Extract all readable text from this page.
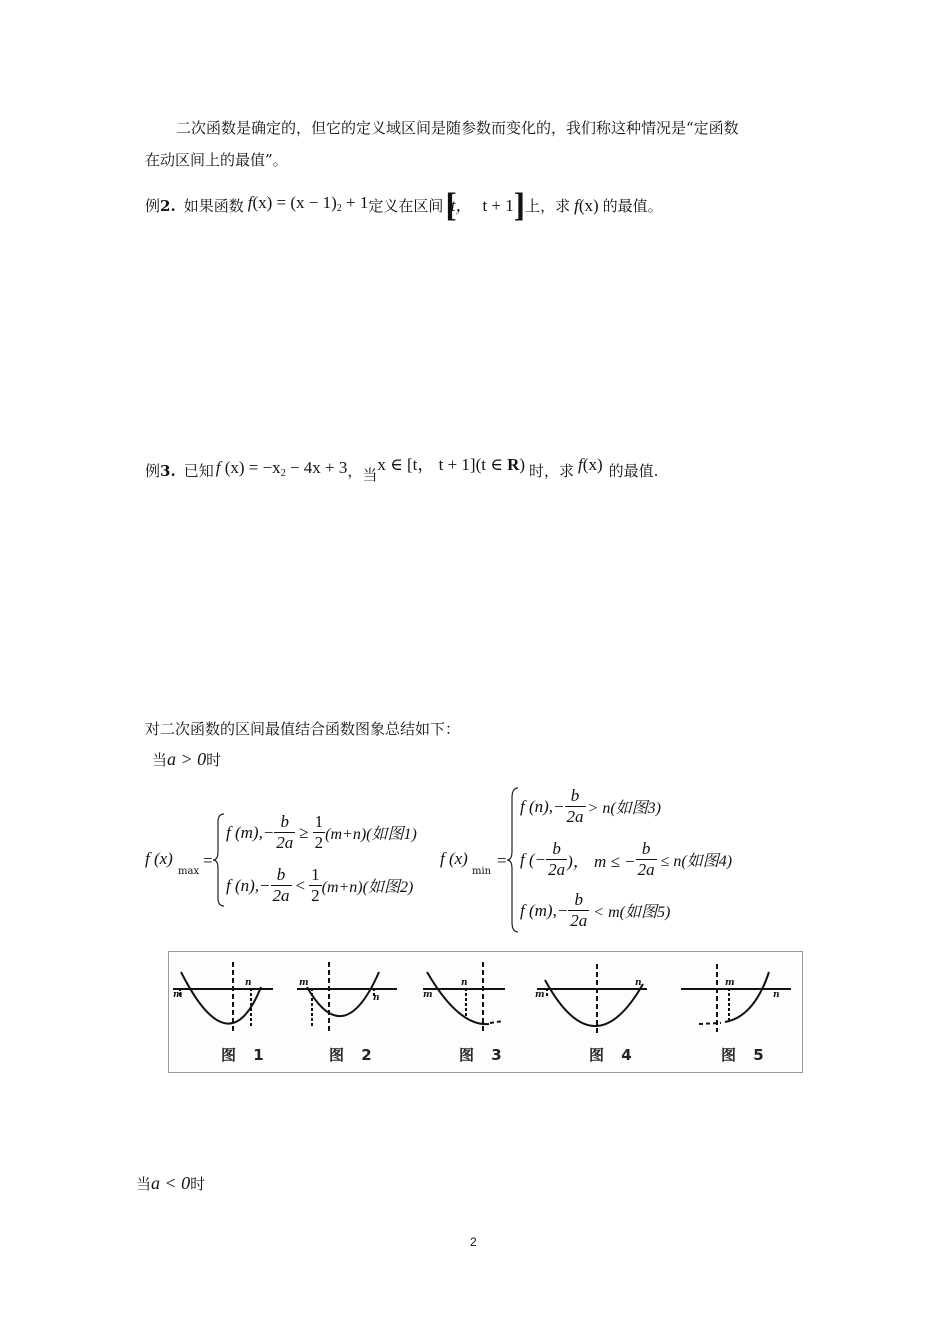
二次函数是确定的，但它的定义域区间是随参数而变化的，我们称这种情况是“定函数
在动区间上的最值”。
例 2. 如果函数 $f(x) = (x - 1)_2 + 1$ 定义在区间 [
t， t + 1 ] 上，求 f (x) 的最值。
例 3. 已知 f $(x) = -x_2 - 4x + 3$ ， 当
x ∈ [t， t + 1](t ∈ R) 时，求 f (x) 的最值.
对二次函数的区间最值结合函数图象总结如下：
当a > 0时
f (x)
max
=
f $(m),- \frac{b}{2a} \ge \frac{1}{2} (m+n)$(如图1)
f $(n),- \frac{b}{2a} < \frac{1}{2} (m+n)$(如图2)
f (x)
min
=
f $(n),- \frac{b}{2a} > n$(如图3)
f (− $\frac{b}{2a}$ )， m ≤ − $\frac{b}{2a} \le n$(如图4)
f $(m),- \frac{b}{2a} < m$(如图5)
m
n	m
n	m
n
m
n	m
n
图 1	图 2	图 3	图 4	图 5
当a < 0时
2
